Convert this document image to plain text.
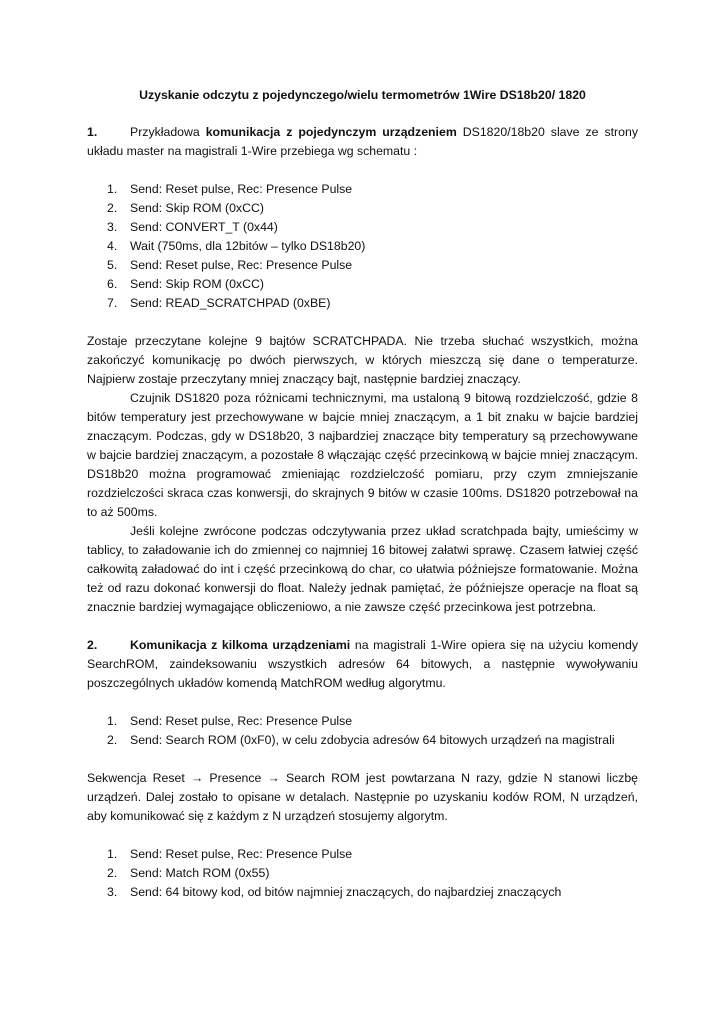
Uzyskanie odczytu z pojedynczego/wielu termometrów 1Wire DS18b20/ 1820

1.	Przykładowa komunikacja z pojedynczym urządzeniem DS1820/18b20 slave ze strony układu master na magistrali 1-Wire przebiega wg schematu :

1. Send: Reset pulse, Rec: Presence Pulse
2. Send: Skip ROM (0xCC)
3. Send: CONVERT_T (0x44)
4. Wait (750ms, dla 12bitów – tylko DS18b20)
5. Send: Reset pulse, Rec: Presence Pulse
6. Send: Skip ROM (0xCC)
7. Send: READ_SCRATCHPAD (0xBE)

Zostaje przeczytane kolejne 9 bajtów SCRATCHPADA. Nie trzeba słuchać wszystkich, można zakończyć komunikację po dwóch pierwszych, w których mieszczą się dane o temperaturze. Najpierw zostaje przeczytany mniej znaczący bajt, następnie bardziej znaczący.

Czujnik DS1820 poza różnicami technicznymi, ma ustaloną 9 bitową rozdzielczość, gdzie 8 bitów temperatury jest przechowywane w bajcie mniej znaczącym, a 1 bit znaku w bajcie bardziej znaczącym. Podczas, gdy w DS18b20, 3 najbardziej znaczące bity temperatury są przechowywane w bajcie bardziej znaczącym, a pozostałe 8 włączając część przecinkową w bajcie mniej znaczącym. DS18b20 można programować zmieniając rozdzielczość pomiaru, przy czym zmniejszanie rozdzielczości skraca czas konwersji, do skrajnych 9 bitów w czasie 100ms. DS1820 potrzebował na to aż 500ms.

Jeśli kolejne zwrócone podczas odczytywania przez układ scratchpada bajty, umieścimy w tablicy, to załadowanie ich do zmiennej co najmniej 16 bitowej załatwi sprawę. Czasem łatwiej część całkowitą załadować do int i część przecinkową do char, co ułatwia późniejsze formatowanie. Można też od razu dokonać konwersji do float. Należy jednak pamiętać, że późniejsze operacje na float są znacznie bardziej wymagające obliczeniowo, a nie zawsze część przecinkowa jest potrzebna.

2.	Komunikacja z kilkoma urządzeniami na magistrali 1-Wire opiera się na użyciu komendy SearchROM, zaindeksowaniu wszystkich adresów 64 bitowych, a następnie wywoływaniu poszczególnych układów komendą MatchROM według algorytmu.

1. Send: Reset pulse, Rec: Presence Pulse
2. Send: Search ROM (0xF0), w celu zdobycia adresów 64 bitowych urządzeń na magistrali

Sekwencja Reset → Presence → Search ROM jest powtarzana N razy, gdzie N stanowi liczbę urządzeń. Dalej zostało to opisane w detalach. Następnie po uzyskaniu kodów ROM, N urządzeń, aby komunikować się z każdym z N urządzeń stosujemy algorytm.

1. Send: Reset pulse, Rec: Presence Pulse
2. Send: Match ROM (0x55)
3. Send: 64 bitowy kod, od bitów najmniej znaczących, do najbardziej znaczących
